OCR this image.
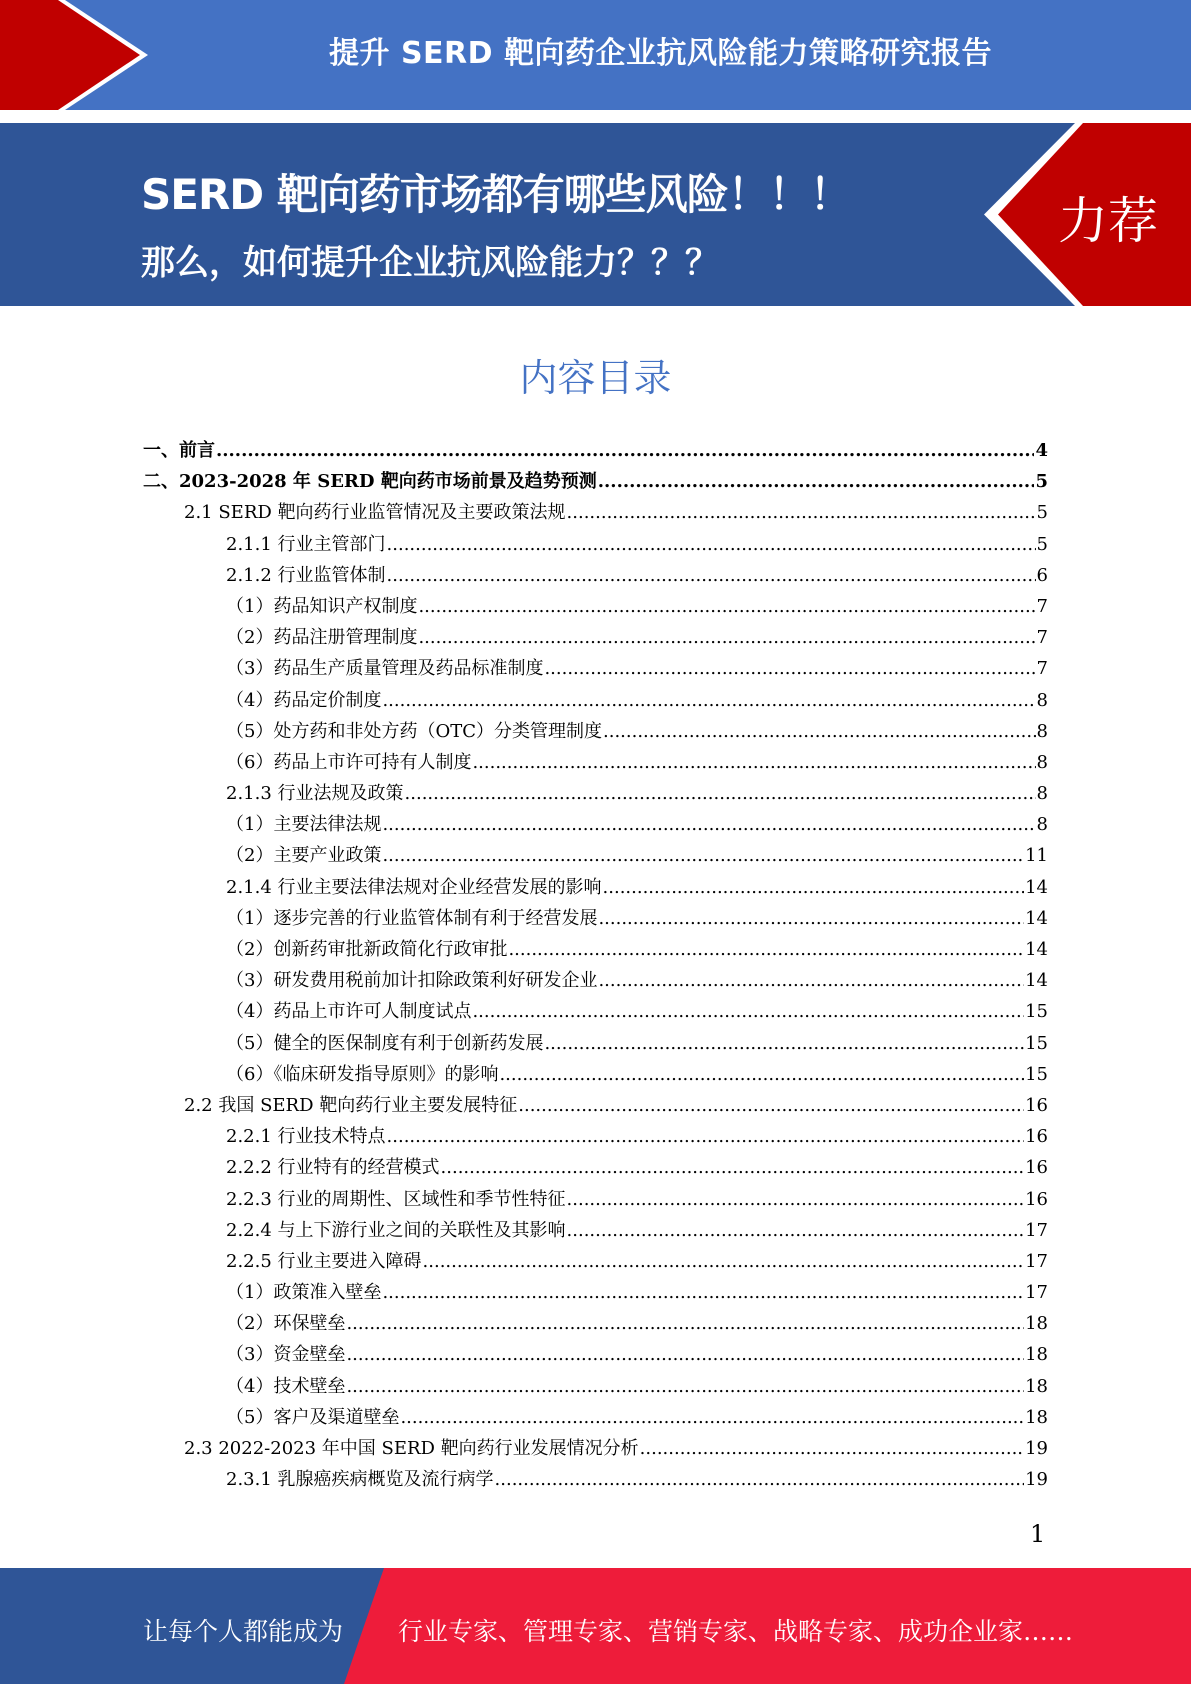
提升 SERD 靶向药企业抗风险能力策略研究报告
SERD 靶向药市场都有哪些风险！！！
那么，如何提升企业抗风险能力？？？
力荐
内容目录
一、前言 .....	4
二、2023-2028 年 SERD 靶向药市场前景及趋势预测 .....	5
2.1 SERD 靶向药行业监管情况及主要政策法规 .....	5
2.1.1 行业主管部门 .....	5
2.1.2 行业监管体制 .....	6
（1）药品知识产权制度 .....	7
（2）药品注册管理制度 .....	7
（3）药品生产质量管理及药品标准制度 .....	7
（4）药品定价制度 .....	8
（5）处方药和非处方药（OTC）分类管理制度 .....	8
（6）药品上市许可持有人制度 .....	8
2.1.3 行业法规及政策 .....	8
（1）主要法律法规 .....	8
（2）主要产业政策 .....	11
2.1.4 行业主要法律法规对企业经营发展的影响 .....	14
（1）逐步完善的行业监管体制有利于经营发展 .....	14
（2）创新药审批新政简化行政审批 .....	14
（3）研发费用税前加计扣除政策利好研发企业 .....	14
（4）药品上市许可人制度试点 .....	15
（5）健全的医保制度有利于创新药发展 .....	15
（6）《临床研发指导原则》的影响 .....	15
2.2 我国 SERD 靶向药行业主要发展特征 .....	16
2.2.1 行业技术特点 .....	16
2.2.2 行业特有的经营模式 .....	16
2.2.3 行业的周期性、区域性和季节性特征 .....	16
2.2.4 与上下游行业之间的关联性及其影响 .....	17
2.2.5 行业主要进入障碍 .....	17
（1）政策准入壁垒 .....	17
（2）环保壁垒 .....	18
（3）资金壁垒 .....	18
（4）技术壁垒 .....	18
（5）客户及渠道壁垒 .....	18
2.3 2022-2023 年中国 SERD 靶向药行业发展情况分析 .....	19
2.3.1 乳腺癌疾病概览及流行病学 .....	19
1
让每个人都能成为 行业专家、管理专家、营销专家、战略专家、成功企业家……
